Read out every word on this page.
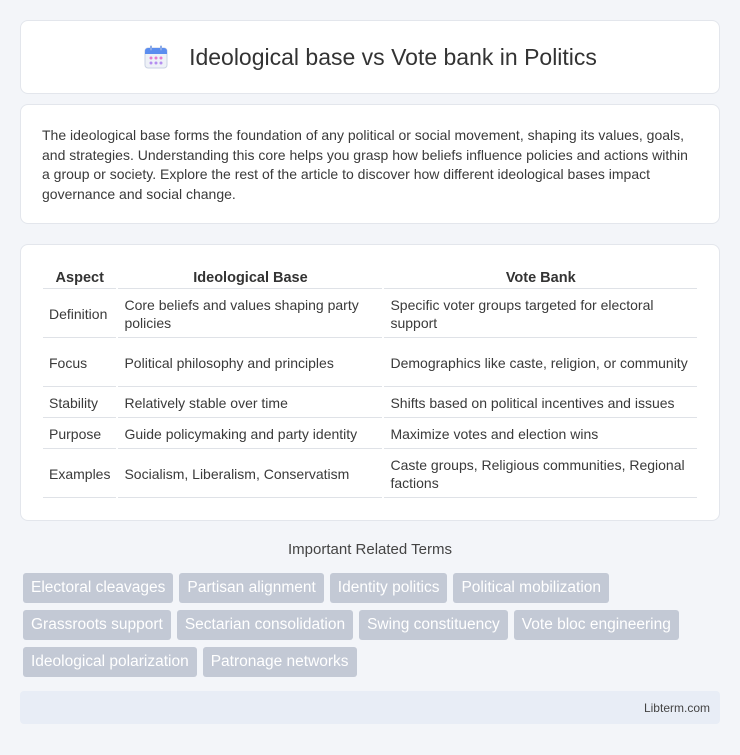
Ideological base vs Vote bank in Politics

The ideological base forms the foundation of any political or social movement, shaping its values, goals, and strategies. Understanding this core helps you grasp how beliefs influence policies and actions within a group or society. Explore the rest of the article to discover how different ideological bases impact governance and social change.

Aspect	Ideological Base	Vote Bank
Definition	Core beliefs and values shaping party policies	Specific voter groups targeted for electoral support
Focus	Political philosophy and principles	Demographics like caste, religion, or community
Stability	Relatively stable over time	Shifts based on political incentives and issues
Purpose	Guide policymaking and party identity	Maximize votes and election wins
Examples	Socialism, Liberalism, Conservatism	Caste groups, Religious communities, Regional factions
Important Related Terms
Electoral cleavages	Partisan alignment	Identity politics	Political mobilization
Grassroots support	Sectarian consolidation	Swing constituency	Vote bloc engineering
Ideological polarization	Patronage networks
Libterm.com
